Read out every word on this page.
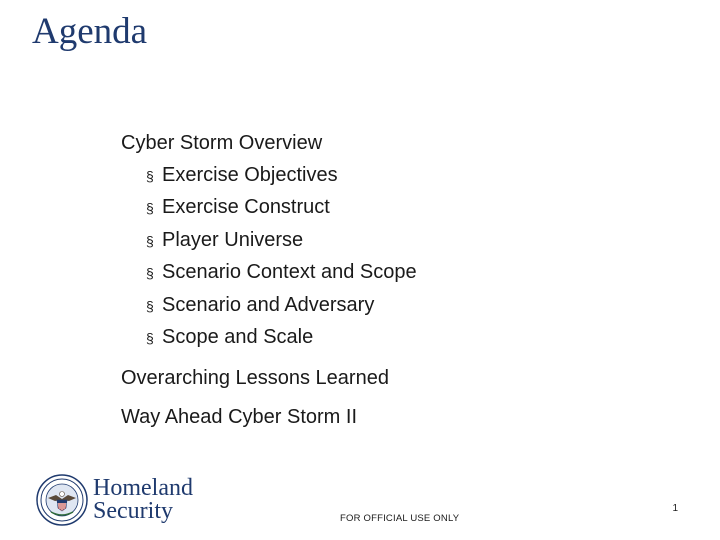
Agenda
Cyber Storm Overview
§ Exercise Objectives
§ Exercise Construct
§ Player Universe
§ Scenario Context and Scope
§ Scenario and Adversary
§ Scope and Scale
Overarching Lessons Learned
Way Ahead Cyber Storm II
Homeland
Security	FOR OFFICIAL USE ONLY
1
